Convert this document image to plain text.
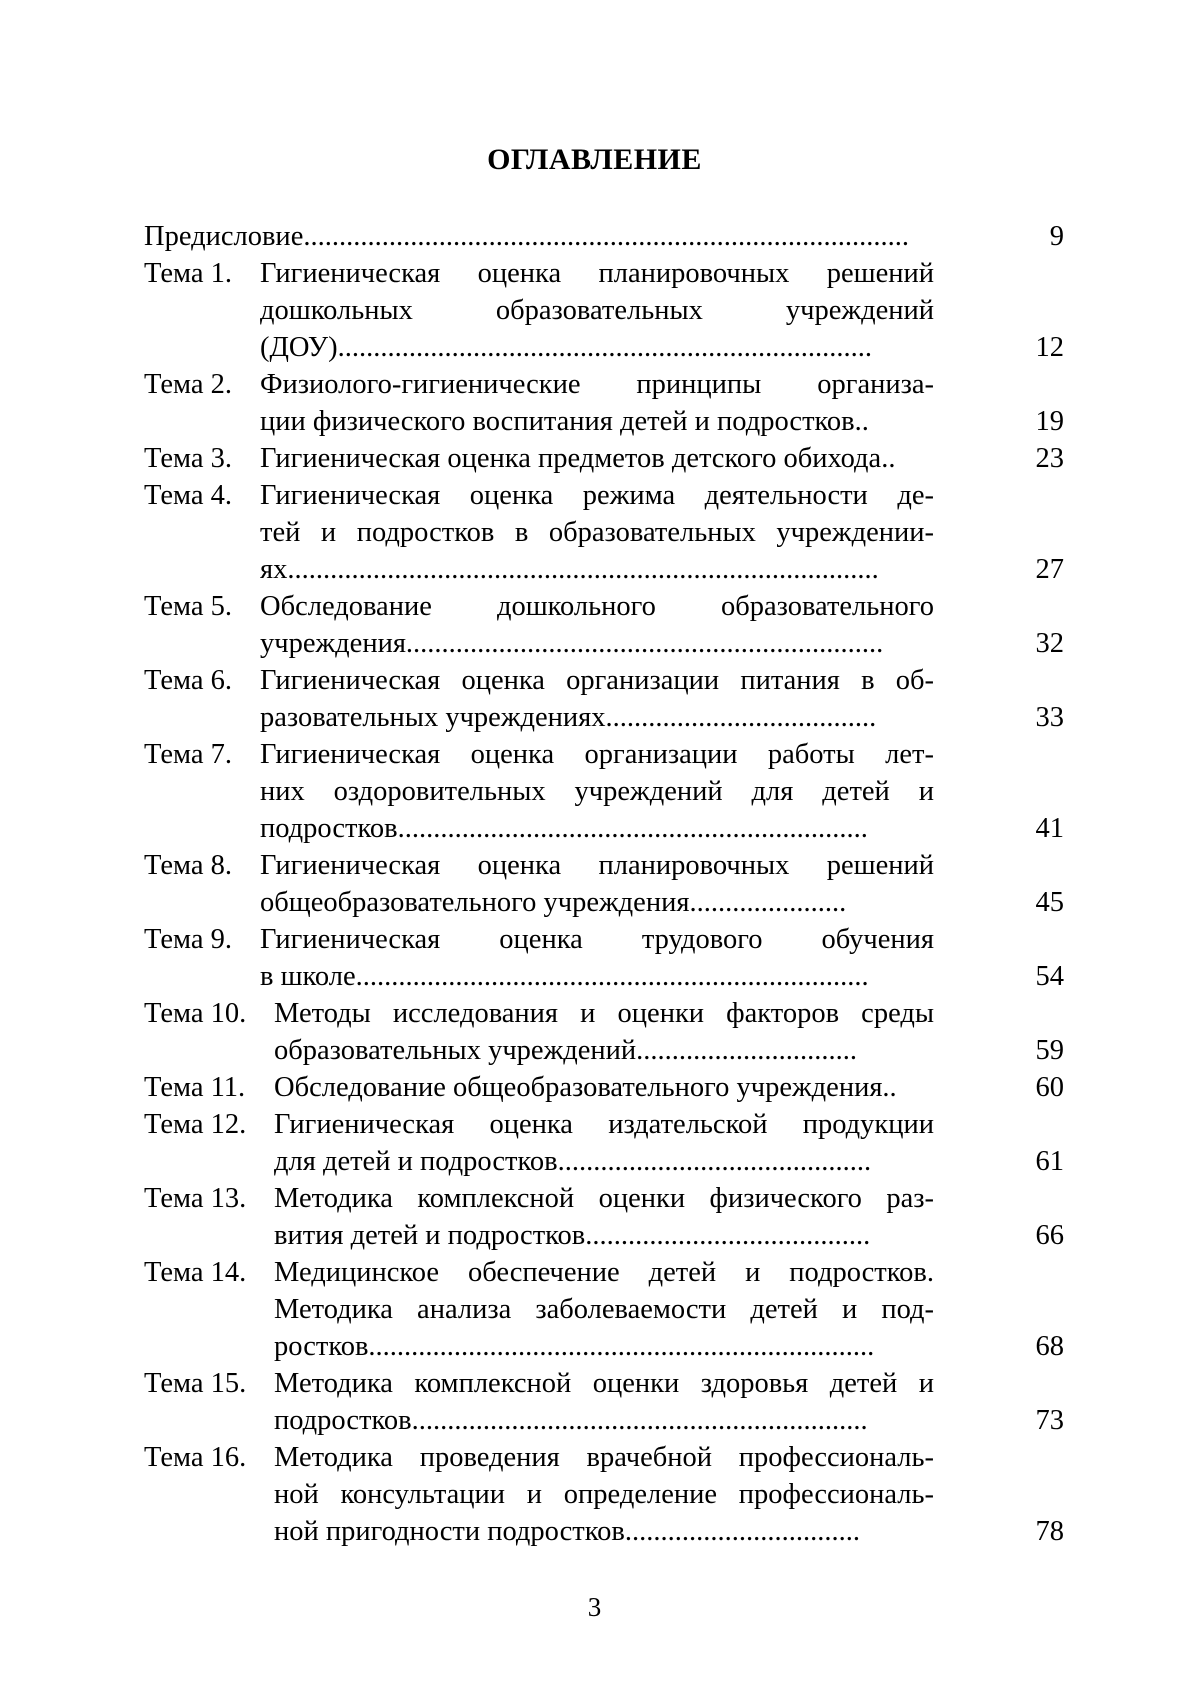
ОГЛАВЛЕНИЕ
Предисловие.....................................................................................	9
Тема 1. Гигиеническая оценка планировочных решений
дошкольных образовательных учреждений
(ДОУ)...........................................................................	12
Тема 2. Физиолого-гигиенические принципы организа-
ции физического воспитания детей и подростков..	19
Тема 3. Гигиеническая оценка предметов детского обихода..	23
Тема 4. Гигиеническая оценка режима деятельности де-
тей и подростков в образовательных учреждении-
ях...................................................................................	27
Тема 5. Обследование дошкольного образовательного
учреждения...................................................................	32
Тема 6. Гигиеническая оценка организации питания в об-
разовательных учреждениях......................................	33
Тема 7. Гигиеническая оценка организации работы лет-
них оздоровительных учреждений для детей и
подростков..................................................................	41
Тема 8. Гигиеническая оценка планировочных решений
общеобразовательного учреждения......................	45
Тема 9. Гигиеническая оценка трудового обучения
в школе........................................................................	54
Тема 10. Методы исследования и оценки факторов среды
образовательных учреждений...............................	59
Тема 11. Обследование общеобразовательного учреждения..	60
Тема 12. Гигиеническая оценка издательской продукции
для детей и подростков............................................	61
Тема 13. Методика комплексной оценки физического раз-
вития детей и подростков........................................	66
Тема 14. Медицинское обеспечение детей и подростков.
Методика анализа заболеваемости детей и под-
ростков.......................................................................	68
Тема 15. Методика комплексной оценки здоровья детей и
подростков................................................................	73
Тема 16. Методика проведения врачебной профессиональ-
ной консультации и определение профессиональ-
ной пригодности подростков.................................	78
3
